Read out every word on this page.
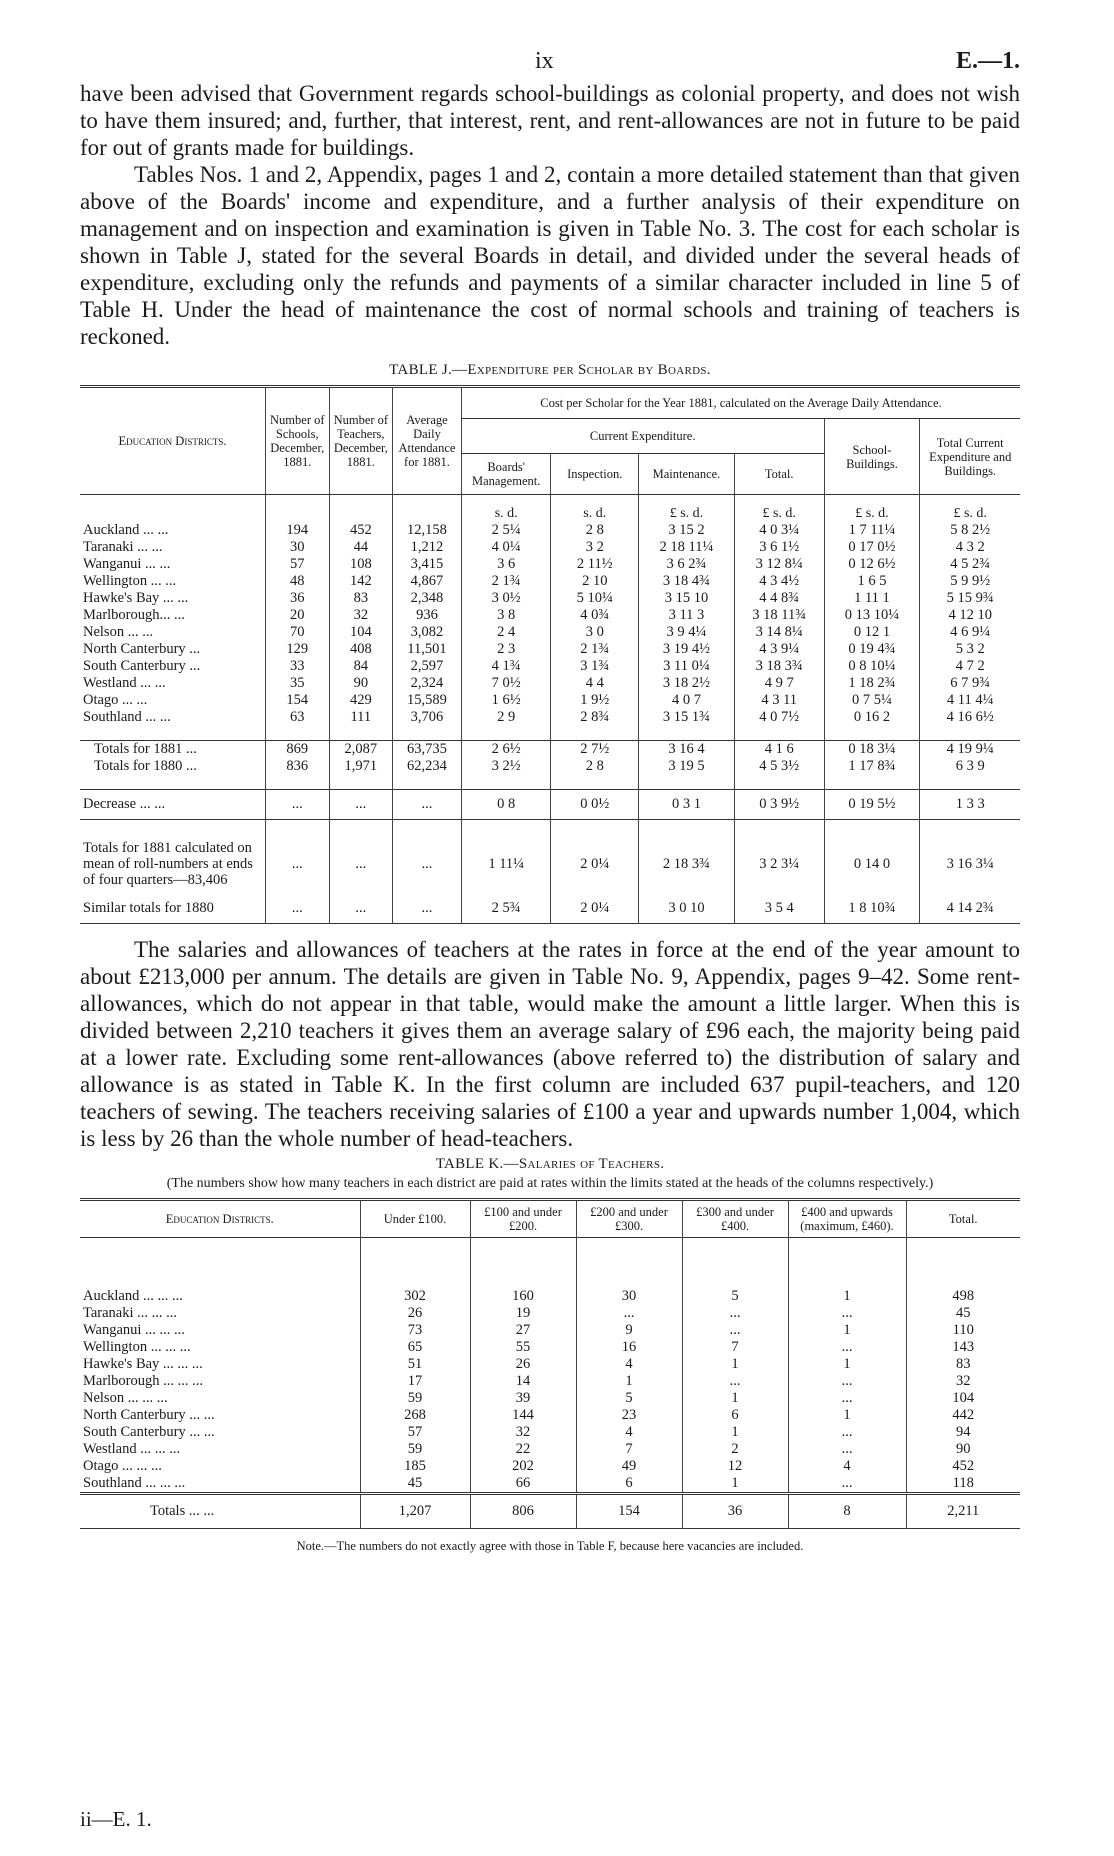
ix	E.—1.

have been advised that Government regards school-buildings as colonial property, and does not wish to have them insured; and, further, that interest, rent, and rent-allowances are not in future to be paid for out of grants made for buildings.

Tables Nos. 1 and 2, Appendix, pages 1 and 2, contain a more detailed statement than that given above of the Boards' income and expenditure, and a further analysis of their expenditure on management and on inspection and examination is given in Table No. 3. The cost for each scholar is shown in Table J, stated for the several Boards in detail, and divided under the several heads of expenditure, excluding only the refunds and payments of a similar character included in line 5 of Table H. Under the head of maintenance the cost of normal schools and training of teachers is reckoned.

TABLE J.—Expenditure per Scholar by Boards.
Education Districts.	Number of Schools, December, 1881.	Number of Teachers, December, 1881.	Average Daily Attendance for 1881.	Cost per Scholar for the Year 1881, calculated on the Average Daily Attendance.					
				Current Expenditure.				School-Buildings.	Total Current Expenditure and Buildings.
				Boards' Management.	Inspection.	Maintenance.	Total.		
				s. d.	s. d.	£ s. d.	£ s. d.	£ s. d.	£ s. d.
Auckland ... ...	194	452	12,158	2 5¼	2 8	3 15 2	4 0 3¼	1 7 11¼	5 8 2½
Taranaki ... ...	30	44	1,212	4 0¼	3 2	2 18 11¼	3 6 1½	0 17 0½	4 3 2
Wanganui ... ...	57	108	3,415	3 6	2 11½	3 6 2¾	3 12 8¼	0 12 6½	4 5 2¾
Wellington ... ...	48	142	4,867	2 1¾	2 10	3 18 4¾	4 3 4½	1 6 5	5 9 9½
Hawke's Bay ... ...	36	83	2,348	3 0½	5 10¼	3 15 10	4 4 8¾	1 11 1	5 15 9¾
Marlborough... ...	20	32	936	3 8	4 0¾	3 11 3	3 18 11¾	0 13 10¼	4 12 10
Nelson ... ...	70	104	3,082	2 4	3 0	3 9 4¼	3 14 8¼	0 12 1	4 6 9¼
North Canterbury ...	129	408	11,501	2 3	2 1¾	3 19 4½	4 3 9¼	0 19 4¾	5 3 2
South Canterbury ...	33	84	2,597	4 1¾	3 1¾	3 11 0¼	3 18 3¾	0 8 10¼	4 7 2
Westland ... ...	35	90	2,324	7 0½	4 4	3 18 2½	4 9 7	1 18 2¾	6 7 9¾
Otago ... ...	154	429	15,589	1 6½	1 9½	4 0 7	4 3 11	0 7 5¼	4 11 4¼
Southland ... ...	63	111	3,706	2 9	2 8¾	3 15 1¾	4 0 7½	0 16 2	4 16 6½

Totals for 1881 ...	869	2,087	63,735	2 6½	2 7½	3 16 4	4 1 6	0 18 3¼	4 19 9¼
Totals for 1880 ...	836	1,971	62,234	3 2½	2 8	3 19 5	4 5 3½	1 17 8¾	6 3 9

Decrease ... ...	...	...	...	0 8	0 0½	0 3 1	0 3 9½	0 19 5½	1 3 3

Totals for 1881 calculated on mean of roll-numbers at ends of four quarters—83,406	...	...	...	1 11¼	2 0¼	2 18 3¾	3 2 3¼	0 14 0	3 16 3¼
Similar totals for 1880	...	...	...	2 5¾	2 0¼	3 0 10	3 5 4	1 8 10¾	4 14 2¾

The salaries and allowances of teachers at the rates in force at the end of the year amount to about £213,000 per annum. The details are given in Table No. 9, Appendix, pages 9–42. Some rent-allowances, which do not appear in that table, would make the amount a little larger. When this is divided between 2,210 teachers it gives them an average salary of £96 each, the majority being paid at a lower rate. Excluding some rent-allowances (above referred to) the distribution of salary and allowance is as stated in Table K. In the first column are included 637 pupil-teachers, and 120 teachers of sewing. The teachers receiving salaries of £100 a year and upwards number 1,004, which is less by 26 than the whole number of head-teachers.

TABLE K.—Salaries of Teachers.
(The numbers show how many teachers in each district are paid at rates within the limits stated at the heads of the columns respectively.)
Education Districts.	Under £100.	£100 and under £200.	£200 and under £300.	£300 and under £400.	£400 and upwards (maximum, £460).	Total.

Auckland ... ... ...	302	160	30	5	1	498
Taranaki ... ... ...	26	19	...	...	...	45
Wanganui ... ... ...	73	27	9	...	1	110
Wellington ... ... ...	65	55	16	7	...	143
Hawke's Bay ... ... ...	51	26	4	1	1	83
Marlborough ... ... ...	17	14	1	...	...	32
Nelson ... ... ...	59	39	5	1	...	104
North Canterbury ... ...	268	144	23	6	1	442
South Canterbury ... ...	57	32	4	1	...	94
Westland ... ... ...	59	22	7	2	...	90
Otago ... ... ...	185	202	49	12	4	452
Southland ... ... ...	45	66	6	1	...	118
Totals ... ...	1,207	806	154	36	8	2,211
Note.—The numbers do not exactly agree with those in Table F, because here vacancies are included.
ii—E. 1.
